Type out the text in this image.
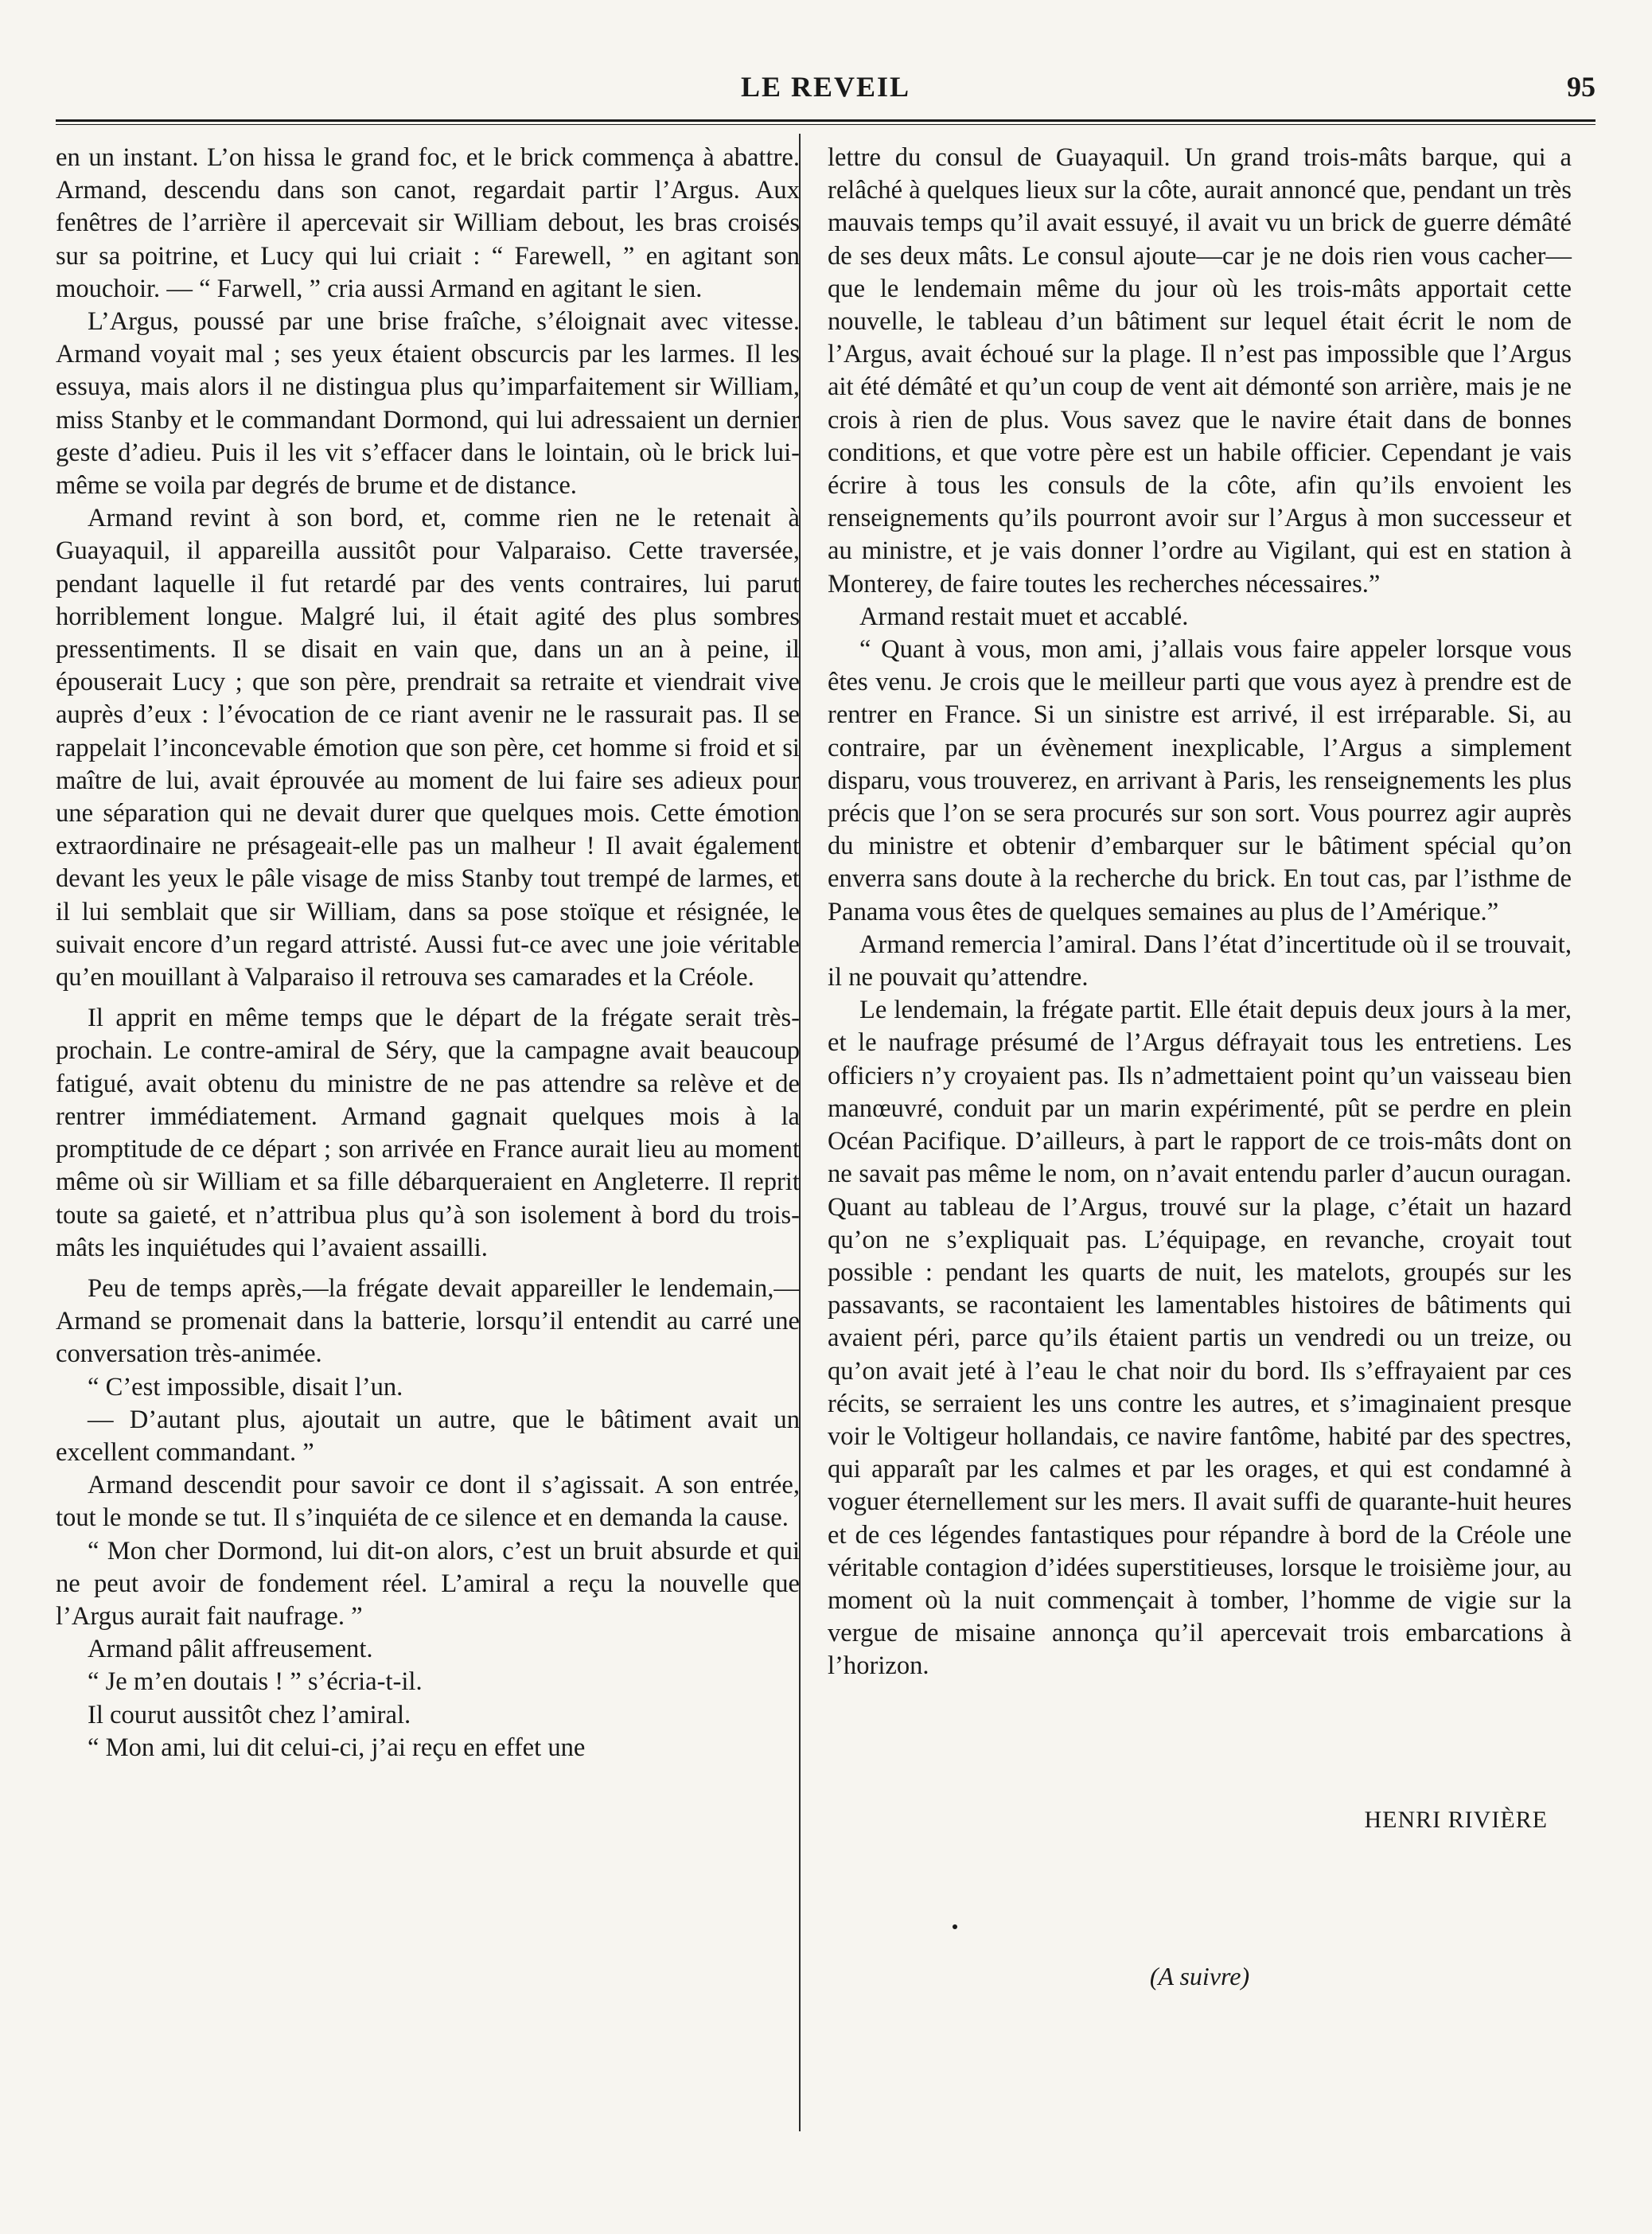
LE REVEIL	95

en un instant. L’on hissa le grand foc, et le brick commença à abattre. Armand, descendu dans son canot, regardait partir l’Argus. Aux fenêtres de l’arrière il apercevait sir William debout, les bras croisés sur sa poitrine, et Lucy qui lui criait : “ Farewell, ” en agitant son mouchoir. — “ Farwell, ” cria aussi Armand en agitant le sien.

L’Argus, poussé par une brise fraîche, s’éloignait avec vitesse. Armand voyait mal ; ses yeux étaient obscurcis par les larmes. Il les essuya, mais alors il ne distingua plus qu’imparfaitement sir William, miss Stanby et le commandant Dormond, qui lui adressaient un dernier geste d’adieu. Puis il les vit s’effacer dans le lointain, où le brick lui-même se voila par degrés de brume et de distance.

Armand revint à son bord, et, comme rien ne le retenait à Guayaquil, il appareilla aussitôt pour Valparaiso. Cette traversée, pendant laquelle il fut retardé par des vents contraires, lui parut horriblement longue. Malgré lui, il était agité des plus sombres pressentiments. Il se disait en vain que, dans un an à peine, il épouserait Lucy ; que son père, prendrait sa retraite et viendrait vive auprès d’eux : l’évocation de ce riant avenir ne le rassurait pas. Il se rappelait l’inconcevable émotion que son père, cet homme si froid et si maître de lui, avait éprouvée au moment de lui faire ses adieux pour une séparation qui ne devait durer que quelques mois. Cette émotion extraordinaire ne présageait-elle pas un malheur ! Il avait également devant les yeux le pâle visage de miss Stanby tout trempé de larmes, et il lui semblait que sir William, dans sa pose stoïque et résignée, le suivait encore d’un regard attristé. Aussi fut-ce avec une joie véritable qu’en mouillant à Valparaiso il retrouva ses camarades et la Créole.

Il apprit en même temps que le départ de la frégate serait très-prochain. Le contre-amiral de Séry, que la campagne avait beaucoup fatigué, avait obtenu du ministre de ne pas attendre sa relève et de rentrer immédiatement. Armand gagnait quelques mois à la promptitude de ce départ ; son arrivée en France aurait lieu au moment même où sir William et sa fille débarqueraient en Angleterre. Il reprit toute sa gaieté, et n’attribua plus qu’à son isolement à bord du trois-mâts les inquiétudes qui l’avaient assailli.

Peu de temps après,—la frégate devait appareiller le lendemain,—Armand se promenait dans la batterie, lorsqu’il entendit au carré une conversation très-animée.

“ C’est impossible, disait l’un.

— D’autant plus, ajoutait un autre, que le bâtiment avait un excellent commandant. ”

Armand descendit pour savoir ce dont il s’agissait. A son entrée, tout le monde se tut. Il s’inquiéta de ce silence et en demanda la cause.

“ Mon cher Dormond, lui dit-on alors, c’est un bruit absurde et qui ne peut avoir de fondement réel. L’amiral a reçu la nouvelle que l’Argus aurait fait naufrage. ”

Armand pâlit affreusement.

“ Je m’en doutais ! ” s’écria-t-il.

Il courut aussitôt chez l’amiral.

“ Mon ami, lui dit celui-ci, j’ai reçu en effet une

lettre du consul de Guayaquil. Un grand trois-mâts barque, qui a relâché à quelques lieux sur la côte, aurait annoncé que, pendant un très mauvais temps qu’il avait essuyé, il avait vu un brick de guerre démâté de ses deux mâts. Le consul ajoute—car je ne dois rien vous cacher—que le lendemain même du jour où les trois-mâts apportait cette nouvelle, le tableau d’un bâtiment sur lequel était écrit le nom de l’Argus, avait échoué sur la plage. Il n’est pas impossible que l’Argus ait été démâté et qu’un coup de vent ait démonté son arrière, mais je ne crois à rien de plus. Vous savez que le navire était dans de bonnes conditions, et que votre père est un habile officier. Cependant je vais écrire à tous les consuls de la côte, afin qu’ils envoient les renseignements qu’ils pourront avoir sur l’Argus à mon successeur et au ministre, et je vais donner l’ordre au Vigilant, qui est en station à Monterey, de faire toutes les recherches nécessaires.”

Armand restait muet et accablé.

“ Quant à vous, mon ami, j’allais vous faire appeler lorsque vous êtes venu. Je crois que le meilleur parti que vous ayez à prendre est de rentrer en France. Si un sinistre est arrivé, il est irréparable. Si, au contraire, par un évènement inexplicable, l’Argus a simplement disparu, vous trouverez, en arrivant à Paris, les renseignements les plus précis que l’on se sera procurés sur son sort. Vous pourrez agir auprès du ministre et obtenir d’embarquer sur le bâtiment spécial qu’on enverra sans doute à la recherche du brick. En tout cas, par l’isthme de Panama vous êtes de quelques semaines au plus de l’Amérique.”

Armand remercia l’amiral. Dans l’état d’incertitude où il se trouvait, il ne pouvait qu’attendre.

Le lendemain, la frégate partit. Elle était depuis deux jours à la mer, et le naufrage présumé de l’Argus défrayait tous les entretiens. Les officiers n’y croyaient pas. Ils n’admettaient point qu’un vaisseau bien manœuvré, conduit par un marin expérimenté, pût se perdre en plein Océan Pacifique. D’ailleurs, à part le rapport de ce trois-mâts dont on ne savait pas même le nom, on n’avait entendu parler d’aucun ouragan. Quant au tableau de l’Argus, trouvé sur la plage, c’était un hazard qu’on ne s’expliquait pas. L’équipage, en revanche, croyait tout possible : pendant les quarts de nuit, les matelots, groupés sur les passavants, se racontaient les lamentables histoires de bâtiments qui avaient péri, parce qu’ils étaient partis un vendredi ou un treize, ou qu’on avait jeté à l’eau le chat noir du bord. Ils s’effrayaient par ces récits, se serraient les uns contre les autres, et s’imaginaient presque voir le Voltigeur hollandais, ce navire fantôme, habité par des spectres, qui apparaît par les calmes et par les orages, et qui est condamné à voguer éternellement sur les mers. Il avait suffi de quarante-huit heures et de ces légendes fantastiques pour répandre à bord de la Créole une véritable contagion d’idées superstitieuses, lorsque le troisième jour, au moment où la nuit commençait à tomber, l’homme de vigie sur la vergue de misaine annonça qu’il apercevait trois embarcations à l’horizon.

HENRI RIVIÈRE
(A suivre)
